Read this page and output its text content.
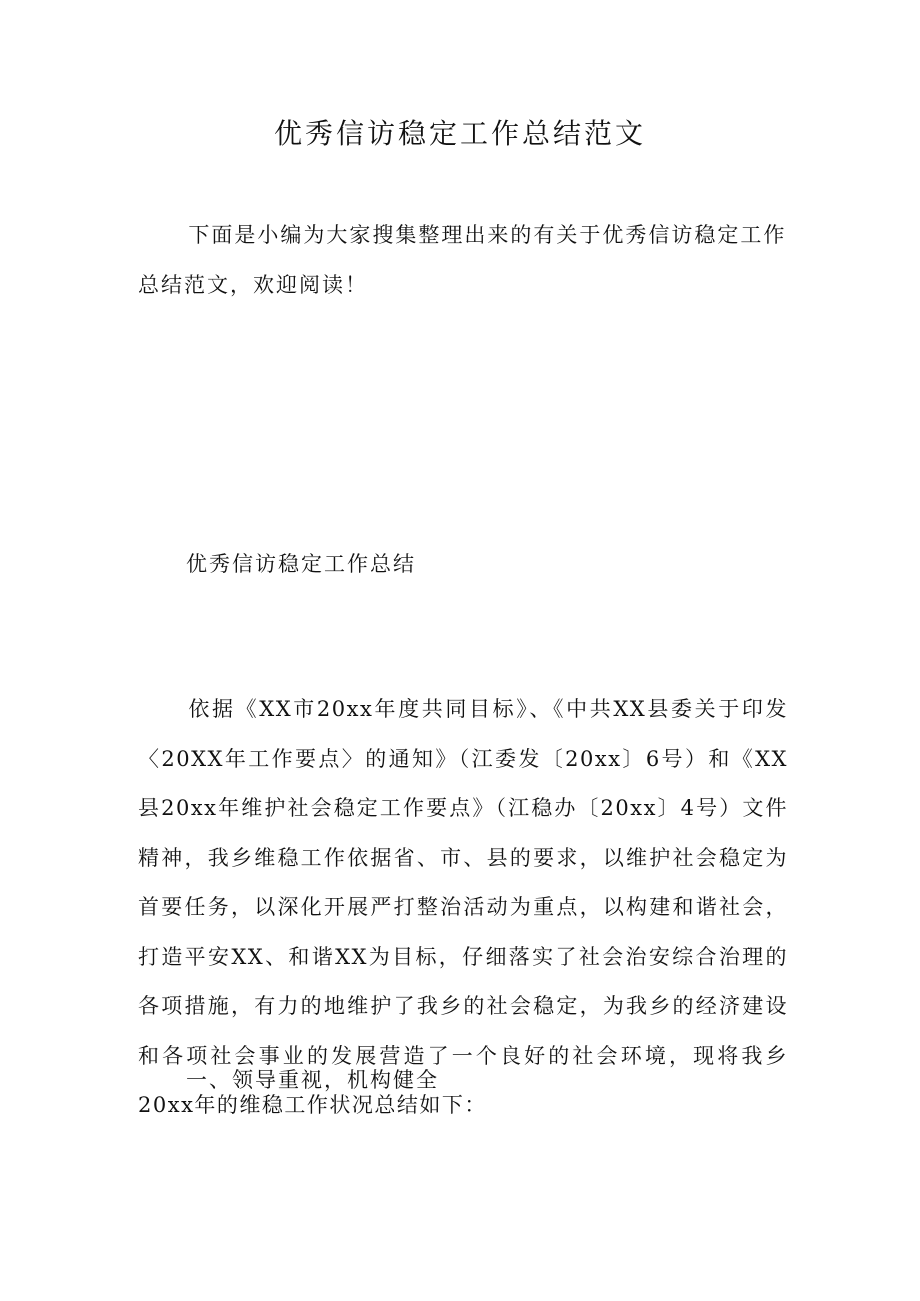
优秀信访稳定工作总结范文

下面是小编为大家搜集整理出来的有关于优秀信访稳定工作总结范文，欢迎阅读！

优秀信访稳定工作总结

依据《XX市20xx年度共同目标》、《中共XX县委关于印发〈20XX年工作要点〉的通知》（江委发〔20xx〕6号）和《XX县20xx年维护社会稳定工作要点》（江稳办〔20xx〕4号）文件精神，我乡维稳工作依据省、市、县的要求，以维护社会稳定为首要任务，以深化开展严打整治活动为重点，以构建和谐社会，打造平安XX、和谐XX为目标，仔细落实了社会治安综合治理的各项措施，有力的地维护了我乡的社会稳定，为我乡的经济建设和各项社会事业的发展营造了一个良好的社会环境，现将我乡20xx年的维稳工作状况总结如下：

一、领导重视，机构健全
